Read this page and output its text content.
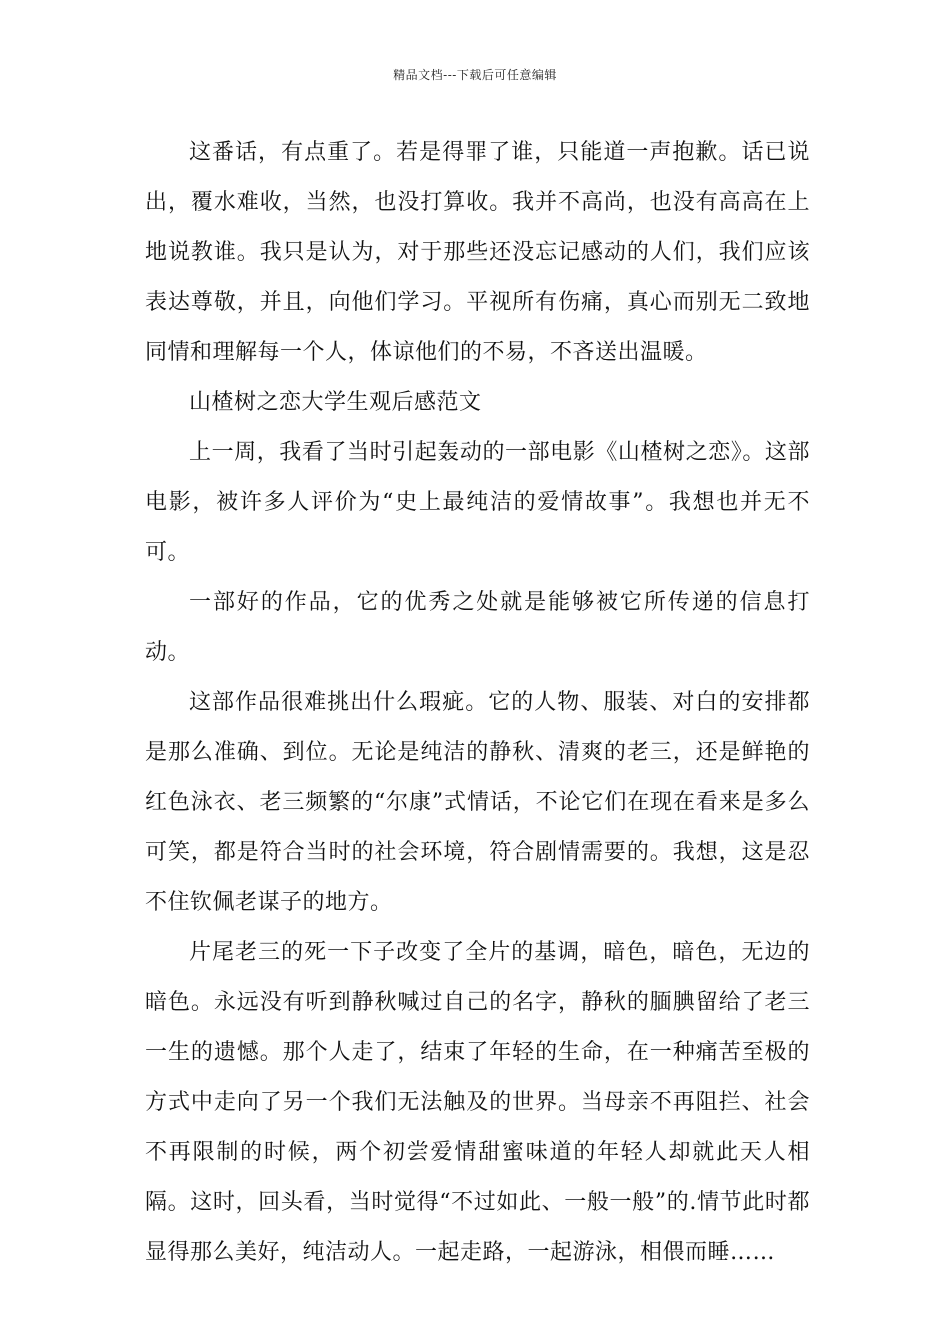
精品文档---下载后可任意编辑

这番话，有点重了。若是得罪了谁，只能道一声抱歉。话已说出，覆水难收，当然，也没打算收。我并不高尚，也没有高高在上地说教谁。我只是认为，对于那些还没忘记感动的人们，我们应该表达尊敬，并且，向他们学习。平视所有伤痛，真心而别无二致地同情和理解每一个人，体谅他们的不易，不吝送出温暖。

山楂树之恋大学生观后感范文

上一周，我看了当时引起轰动的一部电影《山楂树之恋》。这部电影，被许多人评价为“史上最纯洁的爱情故事”。我想也并无不可。

一部好的作品，它的优秀之处就是能够被它所传递的信息打动。

这部作品很难挑出什么瑕疵。它的人物、服装、对白的安排都是那么准确、到位。无论是纯洁的静秋、清爽的老三，还是鲜艳的红色泳衣、老三频繁的“尔康”式情话，不论它们在现在看来是多么可笑，都是符合当时的社会环境，符合剧情需要的。我想，这是忍不住钦佩老谋子的地方。

片尾老三的死一下子改变了全片的基调，暗色，暗色，无边的暗色。永远没有听到静秋喊过自己的名字，静秋的腼腆留给了老三一生的遗憾。那个人走了，结束了年轻的生命，在一种痛苦至极的方式中走向了另一个我们无法触及的世界。当母亲不再阻拦、社会不再限制的时候，两个初尝爱情甜蜜味道的年轻人却就此天人相隔。这时，回头看，当时觉得“不过如此、一般一般”的.情节此时都显得那么美好，纯洁动人。一起走路，一起游泳，相偎而睡……
